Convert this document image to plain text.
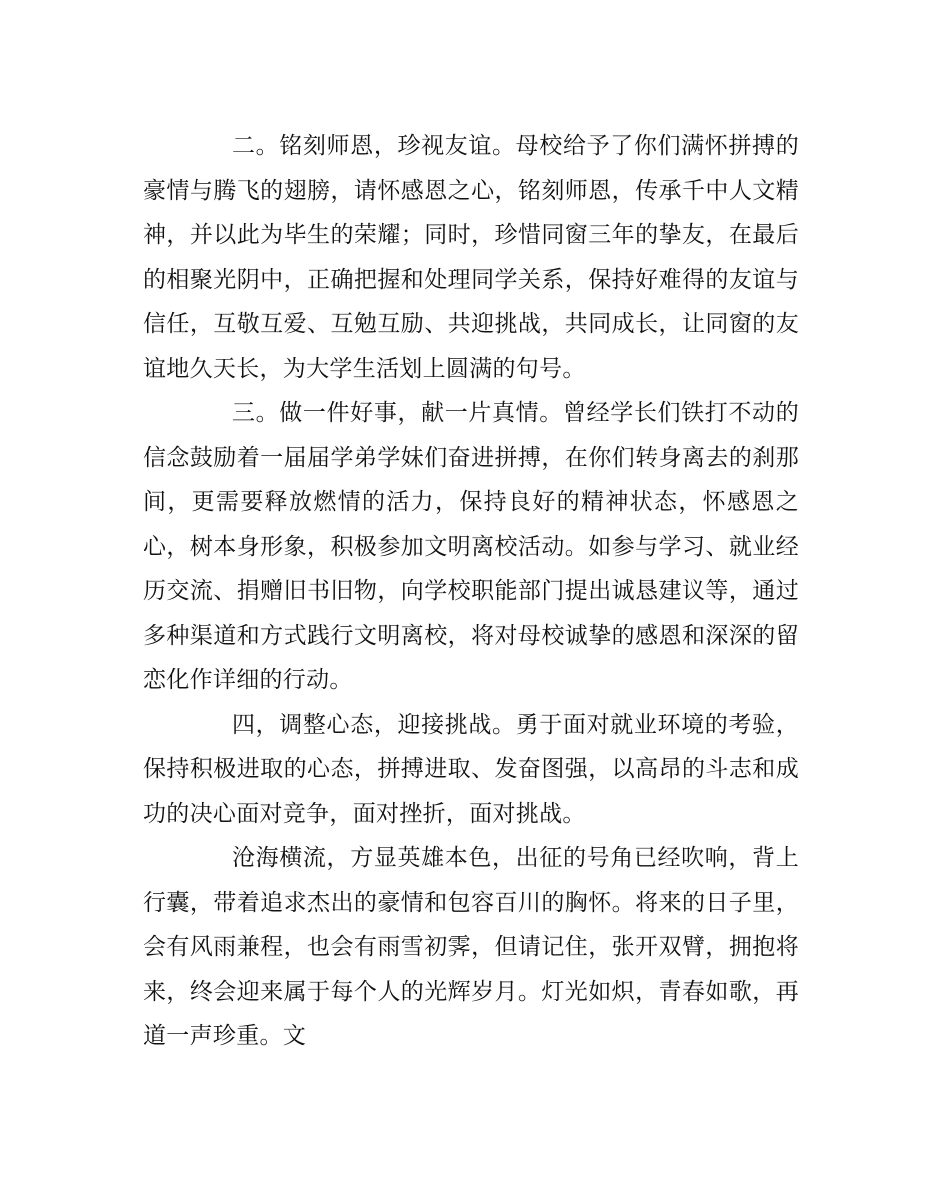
二。铭刻师恩，珍视友谊。母校给予了你们满怀拼搏的豪情与腾飞的翅膀，请怀感恩之心，铭刻师恩，传承千中人文精神，并以此为毕生的荣耀；同时，珍惜同窗三年的挚友，在最后的相聚光阴中，正确把握和处理同学关系，保持好难得的友谊与信任，互敬互爱、互勉互励、共迎挑战，共同成长，让同窗的友谊地久天长，为大学生活划上圆满的句号。

三。做一件好事，献一片真情。曾经学长们铁打不动的信念鼓励着一届届学弟学妹们奋进拼搏，在你们转身离去的刹那间，更需要释放燃情的活力，保持良好的精神状态，怀感恩之心，树本身形象，积极参加文明离校活动。如参与学习、就业经历交流、捐赠旧书旧物，向学校职能部门提出诚恳建议等，通过多种渠道和方式践行文明离校，将对母校诚挚的感恩和深深的留恋化作详细的行动。

四，调整心态，迎接挑战。勇于面对就业环境的考验，保持积极进取的心态，拼搏进取、发奋图强，以高昂的斗志和成功的决心面对竞争，面对挫折，面对挑战。

沧海横流，方显英雄本色，出征的号角已经吹响，背上行囊，带着追求杰出的豪情和包容百川的胸怀。将来的日子里，会有风雨兼程，也会有雨雪初霁，但请记住，张开双臂，拥抱将来，终会迎来属于每个人的光辉岁月。灯光如炽，青春如歌，再道一声珍重。文
